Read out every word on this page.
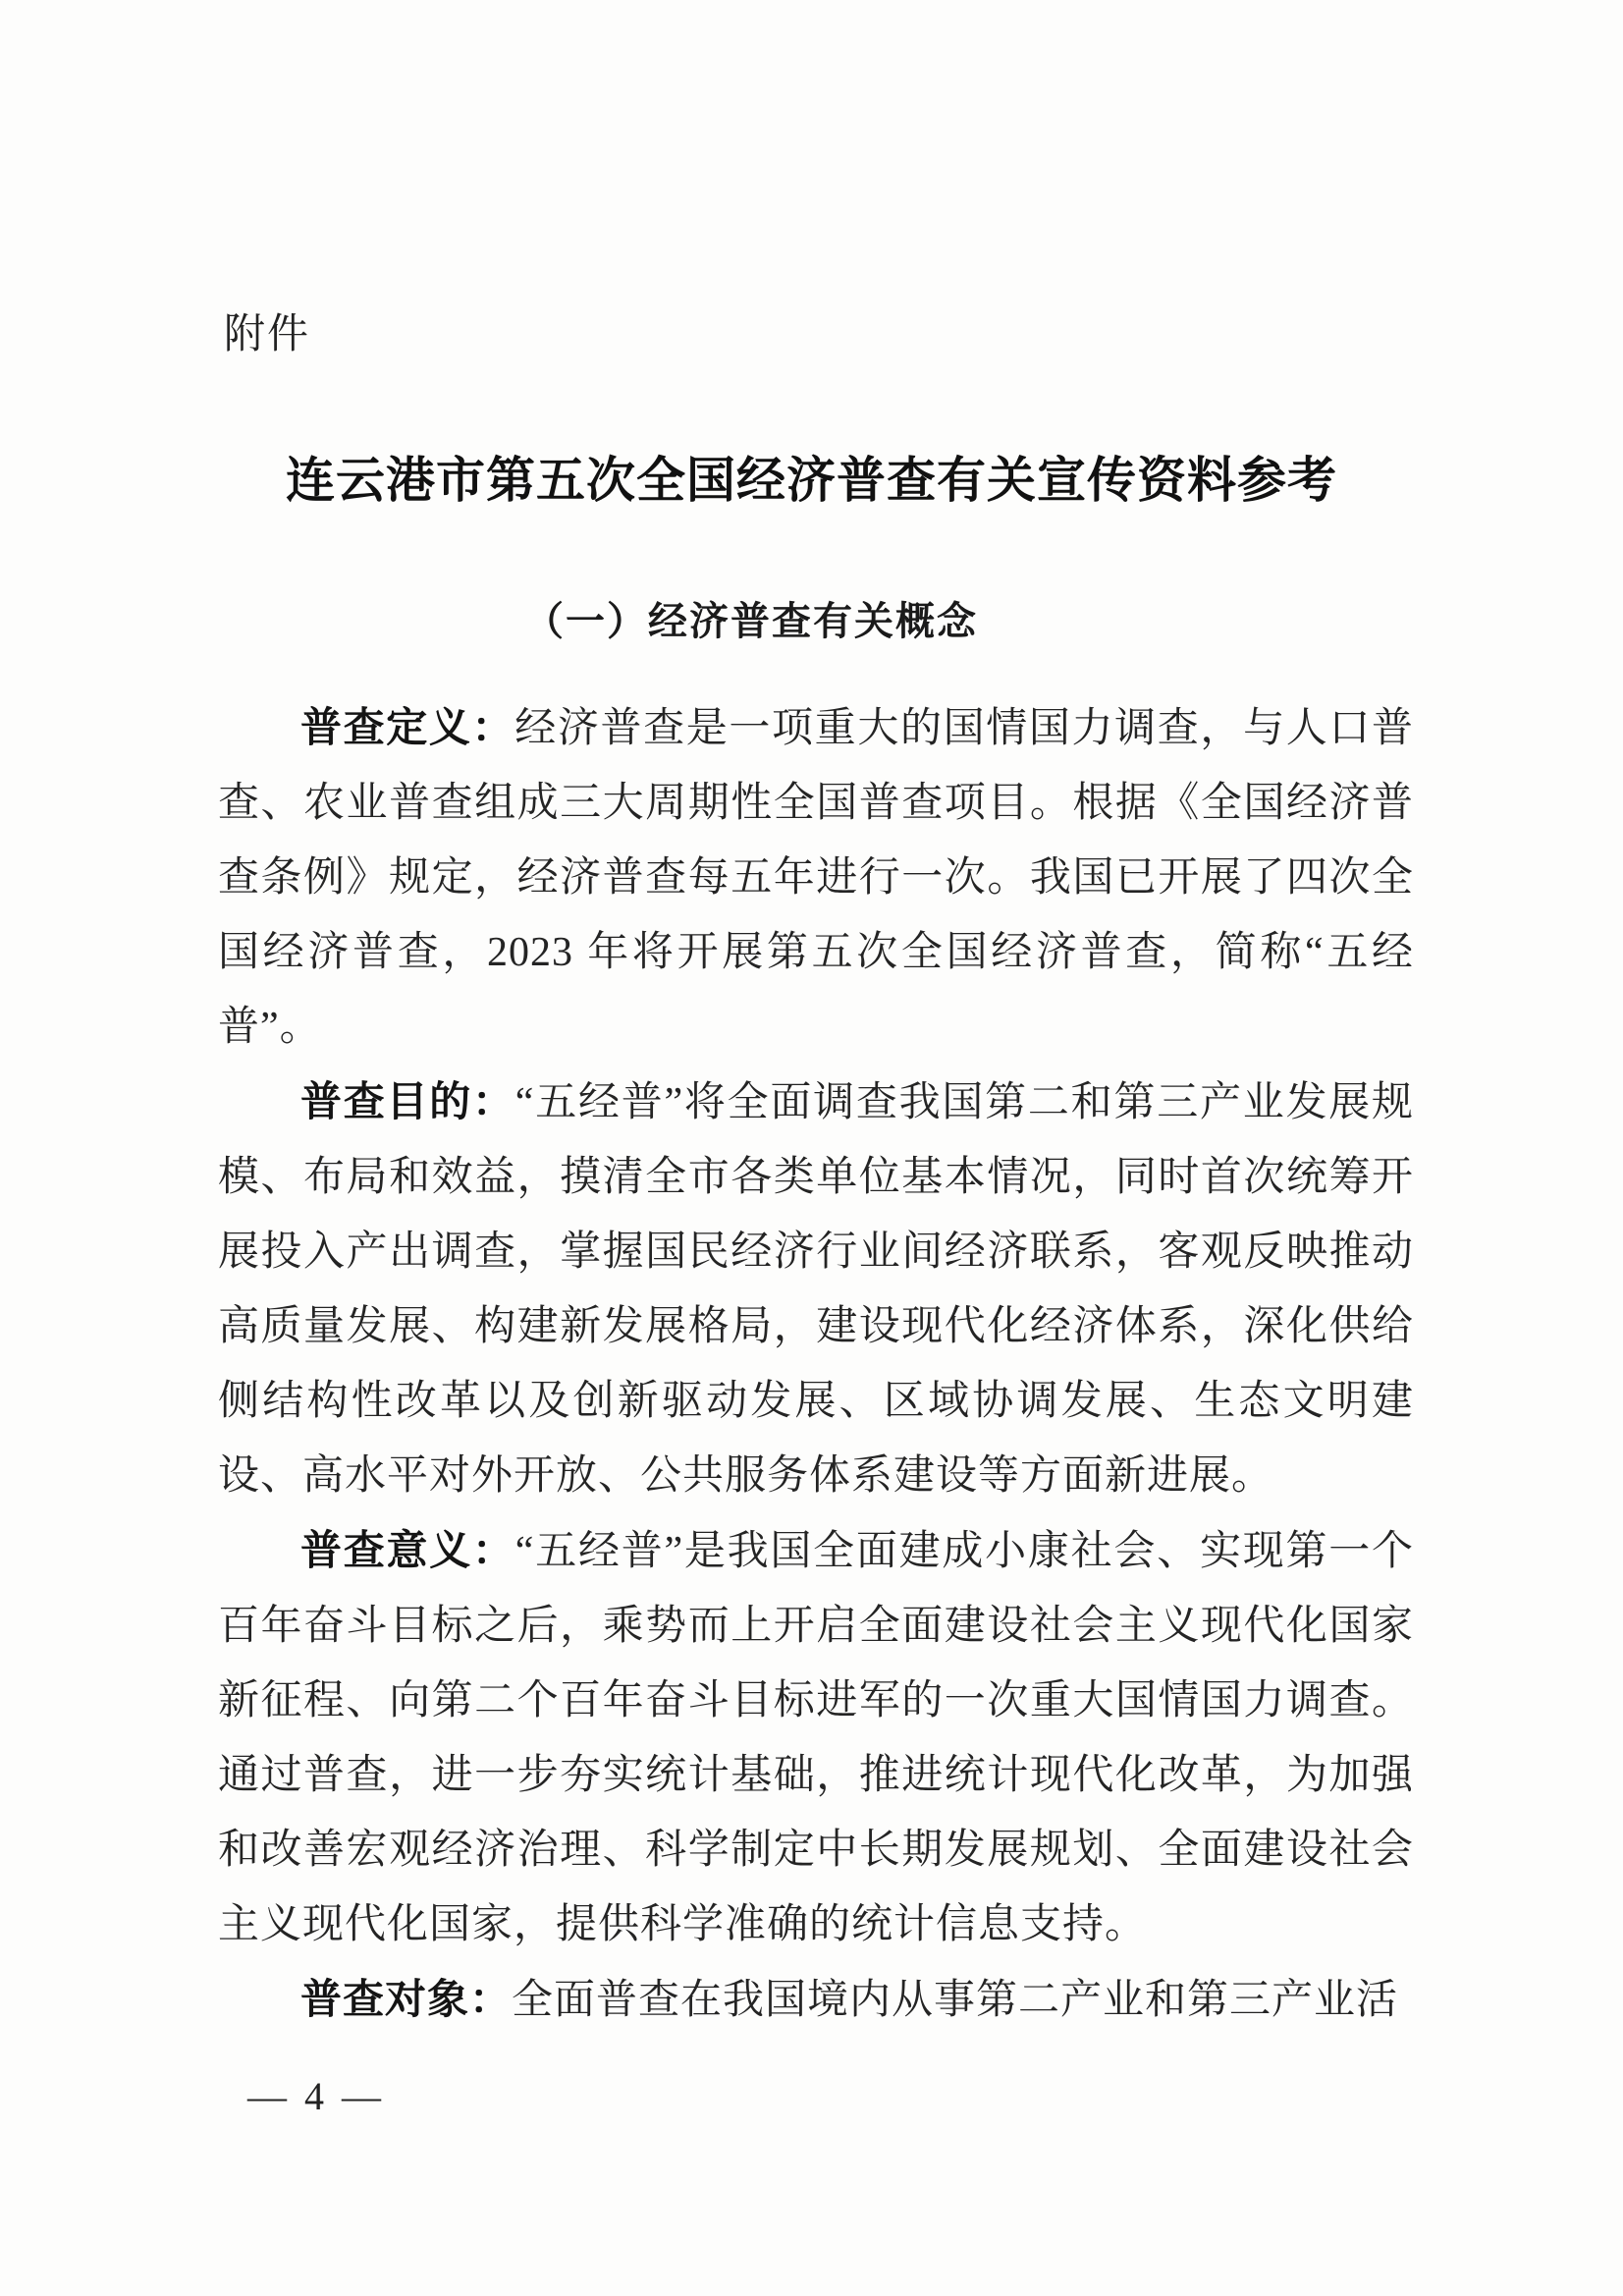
附件
连云港市第五次全国经济普查有关宣传资料参考
（一）经济普查有关概念

普查定义：经济普查是一项重大的国情国力调查，与人口普查、农业普查组成三大周期性全国普查项目。根据《全国经济普查条例》规定，经济普查每五年进行一次。我国已开展了四次全国经济普查，2023 年将开展第五次全国经济普查，简称“五经普”。

普查目的：“五经普”将全面调查我国第二和第三产业发展规模、布局和效益，摸清全市各类单位基本情况，同时首次统筹开展投入产出调查，掌握国民经济行业间经济联系，客观反映推动高质量发展、构建新发展格局，建设现代化经济体系，深化供给侧结构性改革以及创新驱动发展、区域协调发展、生态文明建设、高水平对外开放、公共服务体系建设等方面新进展。

普查意义：“五经普”是我国全面建成小康社会、实现第一个百年奋斗目标之后，乘势而上开启全面建设社会主义现代化国家新征程、向第二个百年奋斗目标进军的一次重大国情国力调查。通过普查，进一步夯实统计基础，推进统计现代化改革，为加强和改善宏观经济治理、科学制定中长期发展规划、全面建设社会主义现代化国家，提供科学准确的统计信息支持。

普查对象：全面普查在我国境内从事第二产业和第三产业活

— 4 —
